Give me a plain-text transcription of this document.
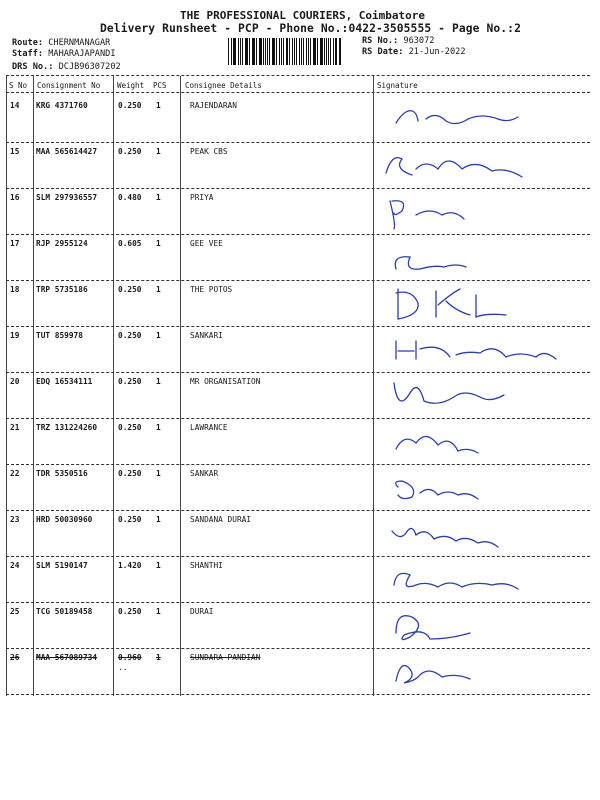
THE PROFESSIONAL COURIERS, Coimbatore
Delivery Runsheet - PCP - Phone No.:0422-3505555 - Page No.:2
Route: CHERNMANAGAR
Staff: MAHARAJAPANDI
DRS No.: DCJB96307202
RS No.: 963072
RS Date: 21-Jun-2022
S No Consignment No Weight PCS Consignee Details	Signature
14 KRG 4371760	0.250 1	RAJENDARAN
15 MAA 565614427	0.250 1	PEAK CBS
16 SLM 297936557	0.480 1	PRIYA
17 RJP 2955124	0.605 1	GEE VEE
18 TRP 5735186	0.250 1	THE POTOS
19 TUT 859978	0.250 1	SANKARI
20 EDQ 16534111	0.250 1	MR ORGANISATION
21 TRZ 131224260	0.250 1	LAWRANCE
22 TDR 5350516	0.250 1	SANKAR
23 HRD 50030960	0.250 1	SANDANA DURAI
24 SLM 5190147	1.420 1	SHANTHI
25 TCG 50189458	0.250 1	DURAI
26 MAA 567089734	0.960 1	SUNDARA PANDIAN
..
